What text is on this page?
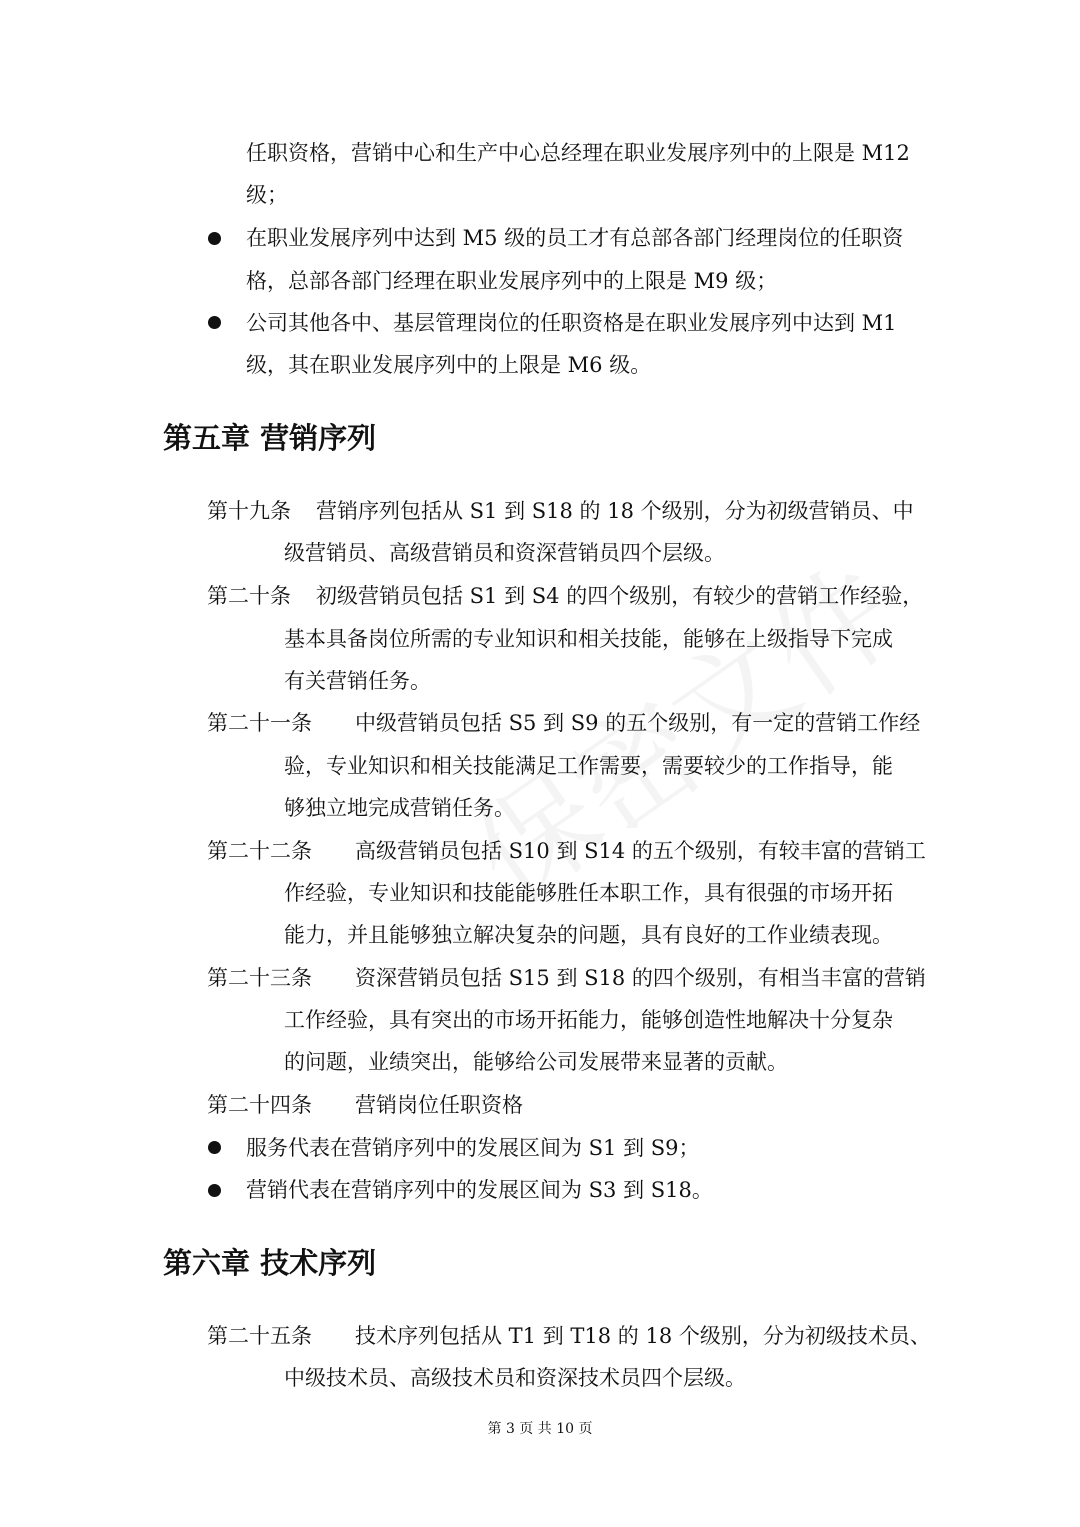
任职资格，营销中心和生产中心总经理在职业发展序列中的上限是 M12
级；
在职业发展序列中达到 M5 级的员工才有总部各部门经理岗位的任职资
格，总部各部门经理在职业发展序列中的上限是 M9 级；
公司其他各中、基层管理岗位的任职资格是在职业发展序列中达到 M1
级，其在职业发展序列中的上限是 M6 级。
第五章 营销序列
第十九条 营销序列包括从 S1 到 S18 的 18 个级别，分为初级营销员、中
级营销员、高级营销员和资深营销员四个层级。
第二十条 初级营销员包括 S1 到 S4 的四个级别，有较少的营销工作经验，
基本具备岗位所需的专业知识和相关技能，能够在上级指导下完成
有关营销任务。
第二十一条 中级营销员包括 S5 到 S9 的五个级别，有一定的营销工作经
验，专业知识和相关技能满足工作需要，需要较少的工作指导，能
够独立地完成营销任务。
第二十二条 高级营销员包括 S10 到 S14 的五个级别，有较丰富的营销工
作经验，专业知识和技能能够胜任本职工作，具有很强的市场开拓
能力，并且能够独立解决复杂的问题，具有良好的工作业绩表现。
第二十三条 资深营销员包括 S15 到 S18 的四个级别，有相当丰富的营销
工作经验，具有突出的市场开拓能力，能够创造性地解决十分复杂
的问题，业绩突出，能够给公司发展带来显著的贡献。
第二十四条 营销岗位任职资格
服务代表在营销序列中的发展区间为 S1 到 S9；
营销代表在营销序列中的发展区间为 S3 到 S18。
第六章 技术序列
第二十五条 技术序列包括从 T1 到 T18 的 18 个级别，分为初级技术员、
中级技术员、高级技术员和资深技术员四个层级。
第 3 页 共 10 页
